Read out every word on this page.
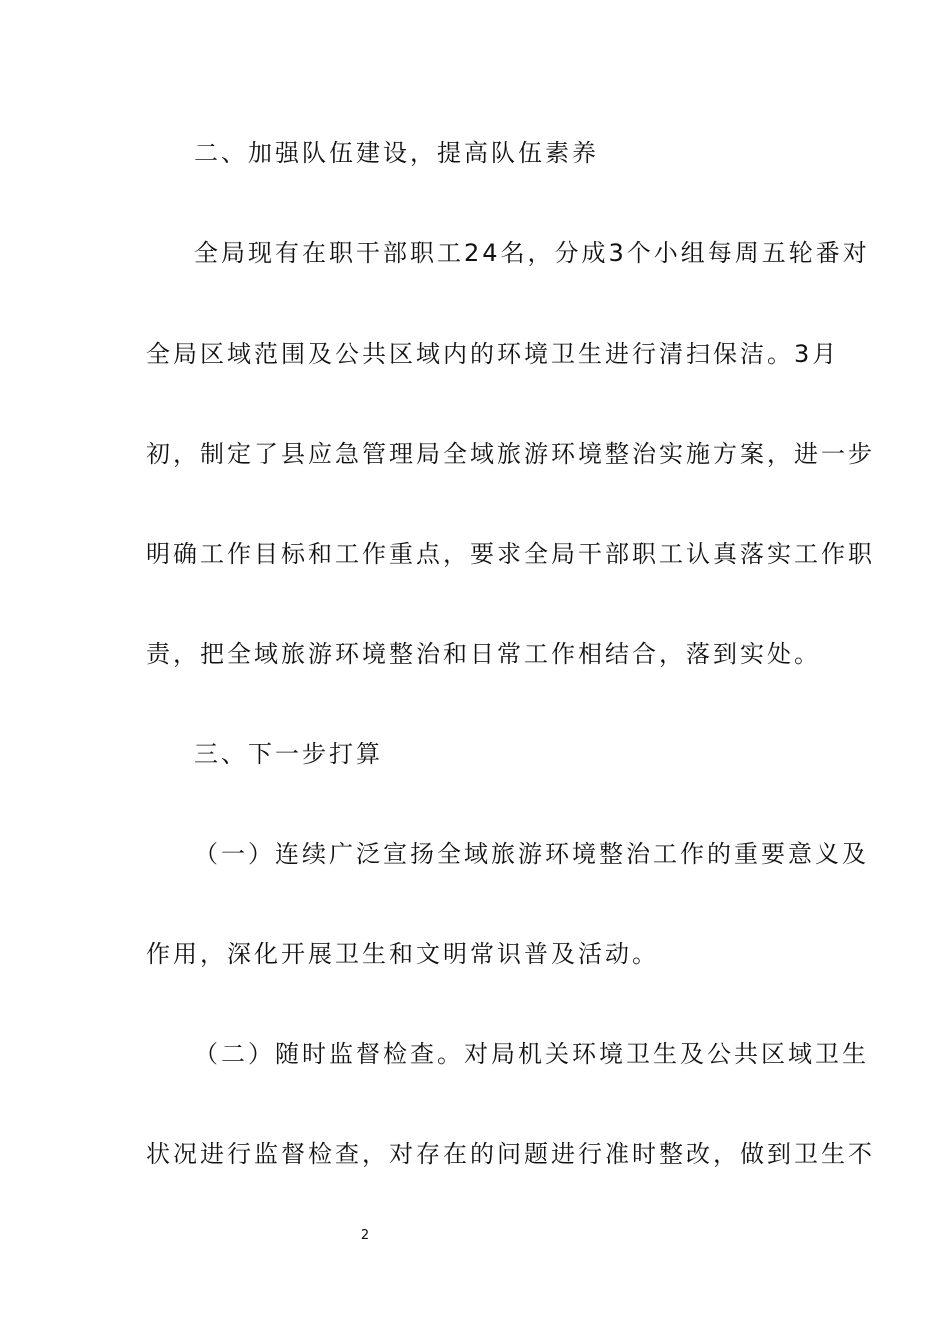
二、加强队伍建设，提高队伍素养
全局现有在职干部职工24名，分成3个小组每周五轮番对
全局区域范围及公共区域内的环境卫生进行清扫保洁。3月
初，制定了县应急管理局全域旅游环境整治实施方案，进一步
明确工作目标和工作重点，要求全局干部职工认真落实工作职
责，把全域旅游环境整治和日常工作相结合，落到实处。
三、下一步打算
（一）连续广泛宣扬全域旅游环境整治工作的重要意义及
作用，深化开展卫生和文明常识普及活动。
（二）随时监督检查。对局机关环境卫生及公共区域卫生
状况进行监督检查，对存在的问题进行准时整改，做到卫生不
2
